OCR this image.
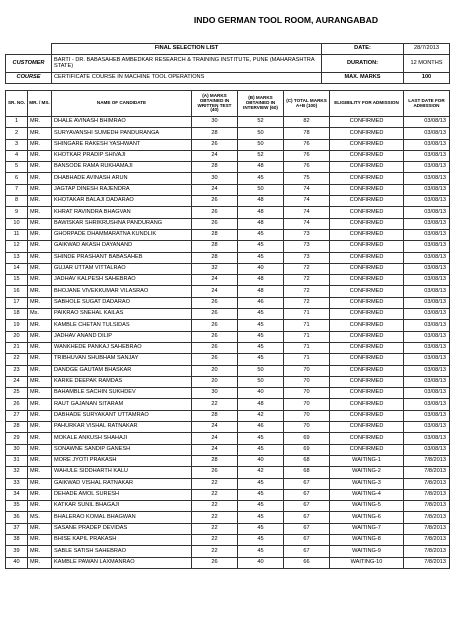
INDO GERMAN TOOL ROOM, AURANGABAD
	FINAL SELECTION LIST	DATE:	28/7/2013
CUSTOMER	BARTI - DR. BABASAHEB AMBEDKAR RESEARCH & TRAINING INSTITUTE, PUNE (MAHARASHTRA STATE)	DURATION:	12 MONTHS
COURSE	CERTIFICATE COURSE IN MACHINE TOOL OPERATIONS	MAX. MARKS	100
SR. NO.	MR. / MS.	NAME OF CANDIDATE	(A) MARKS OBTAINED IN WRITTEN TEST (40)	(B) MARKS OBTAINED IN INTERVIEW (60)	(C) TOTAL MARKS A+B (100)	ELIGIBILITY FOR ADMISSION	LAST DATE FOR ADMISSION
1	MR.	DHALE AVINASH BHIMRAO	30	52	82	CONFIRMED	03/08/13
2	MR.	SURYAVANSHI SUMEDH PANDURANGA	28	50	78	CONFIRMED	03/08/13
3	MR.	SHINGARE RAKESH YASHWANT	26	50	76	CONFIRMED	03/08/13
4	MR.	KHOTKAR PRADIP SHIVAJI	24	52	76	CONFIRMED	03/08/13
5	MR.	BANSODE RAMA RUKHAMAJI	28	48	76	CONFIRMED	03/08/13
6	MR.	DHABHADE AVINASH ARUN	30	45	75	CONFIRMED	03/08/13
7	MR.	JAGTAP DINESH RAJENDRA	24	50	74	CONFIRMED	03/08/13
8	MR.	KHOTAKAR BALAJI DADARAO	26	48	74	CONFIRMED	03/08/13
9	MR.	KHRAT RAVINDRA BHAGVAN	26	48	74	CONFIRMED	03/08/13
10	MR.	BAWISKAR SHRIKRUSHNA PANDURANG	26	48	74	CONFIRMED	03/08/13
11	MR.	GHORPADE DHAMMARATNA KUNDLIK	28	45	73	CONFIRMED	03/08/13
12	MR.	GAIKWAD AKASH DAYANAND	28	45	73	CONFIRMED	03/08/13
13	MR.	SHINDE PRASHANT BABASAHEB	28	45	73	CONFIRMED	03/08/13
14	MR.	GUJAR UTTAM VITTALRAO	32	40	72	CONFIRMED	03/08/13
15	MR.	JADHAV KALPESH SAHEBRAO	24	48	72	CONFIRMED	03/08/13
16	MR.	BHOJANE VIVEKKUMAR VILASRAO	24	48	72	CONFIRMED	03/08/13
17	MR.	SABHOLE SUGAT DADARAO	26	46	72	CONFIRMED	03/08/13
18	Ms.	PAIKRAO SNEHAL KAILAS	26	45	71	CONFIRMED	03/08/13
19	MR.	KAMBLE CHETAN TULSIDAS	26	45	71	CONFIRMED	03/08/13
20	MR.	JADHAV ANAND DILIP	26	45	71	CONFIRMED	03/08/13
21	MR.	WANKHEDE PANKAJ SAHEBRAO	26	45	71	CONFIRMED	03/08/13
22	MR.	TRIBHUVAN SHUBHAM SANJAY	26	45	71	CONFIRMED	03/08/13
23	MR.	DANDGE GAUTAM BHASKAR	20	50	70	CONFIRMED	03/08/13
24	MR.	KARKE DEEPAK RAMDAS	20	50	70	CONFIRMED	03/08/13
25	MR.	BAHAMBLE SACHIN SUKHDEV	30	40	70	CONFIRMED	03/08/13
26	MR.	RAUT GAJANAN SITARAM	22	48	70	CONFIRMED	03/08/13
27	MR.	DABHADE SURYAKANT UTTAMRAO	28	42	70	CONFIRMED	03/08/13
28	MR.	PAHURKAR VISHAL RATNAKAR	24	46	70	CONFIRMED	03/08/13
29	MR.	MOKALE ANKUSH SHAHAJI	24	45	69	CONFIRMED	03/08/13
30	MR.	SONAWNE SANDIP GANESH	24	45	69	CONFIRMED	03/08/13
31	MR.	MORE JYOTI PRAKASH	28	40	68	WAITING-1	7/8/2013
32	MR.	WAHULE SIDDHARTH KALU	26	42	68	WAITING-2	7/8/2013
33	MR.	GAIKWAD VISHAL RATNAKAR	22	45	67	WAITING-3	7/8/2013
34	MR.	DEHADE AMOL SURESH	22	45	67	WAITING-4	7/8/2013
35	MR.	KATKAR SUNIL BHAGAJI	22	45	67	WAITING-5	7/8/2013
36	MS.	BHALERAO KOMAL BHAGWAN	22	45	67	WAITING-6	7/8/2013
37	MR.	SASANE PRADEP DEVIDAS	22	45	67	WAITING-7	7/8/2013
38	MR.	BHISE KAPIL PRAKASH	22	45	67	WAITING-8	7/8/2013
39	MR.	SABLE SATISH SAHEBRAO	22	45	67	WAITING-9	7/8/2013
40	MR.	KAMBLE PAWAN LAXMANRAO	26	40	66	WAITING-10	7/8/2013
